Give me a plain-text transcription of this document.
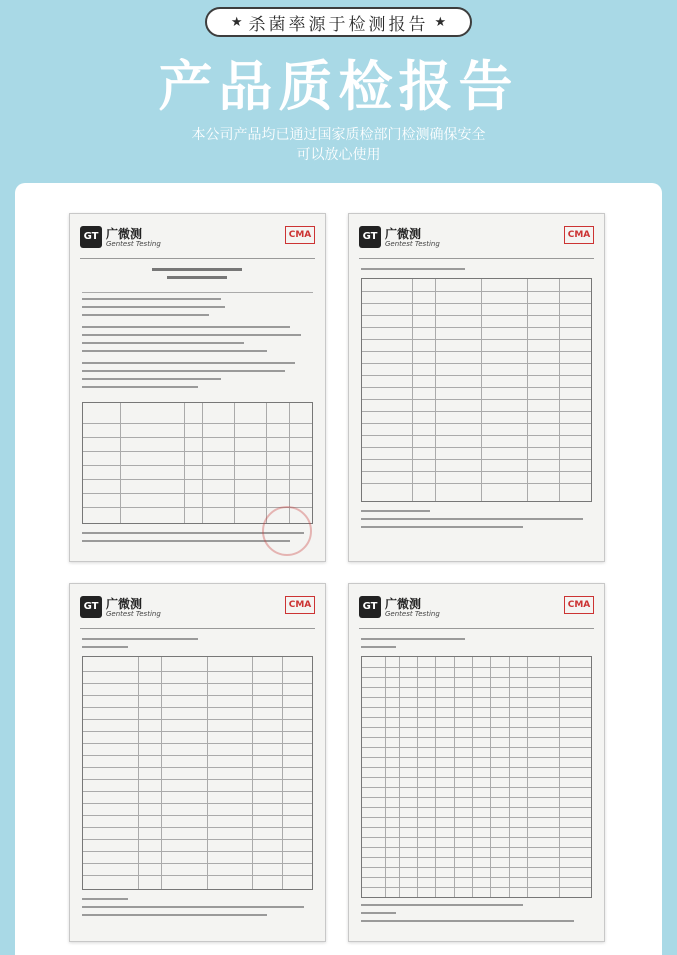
★ 杀菌率源于检测报告 ★
产品质检报告
本公司产品均已通过国家质检部门检测确保安全
可以放心使用
GT 广微测
Gentest Testing
CMA	GT 广微测
Gentest Testing
CMA
GT 广微测
Gentest Testing
CMA	GT 广微测
Gentest Testing
CMA
